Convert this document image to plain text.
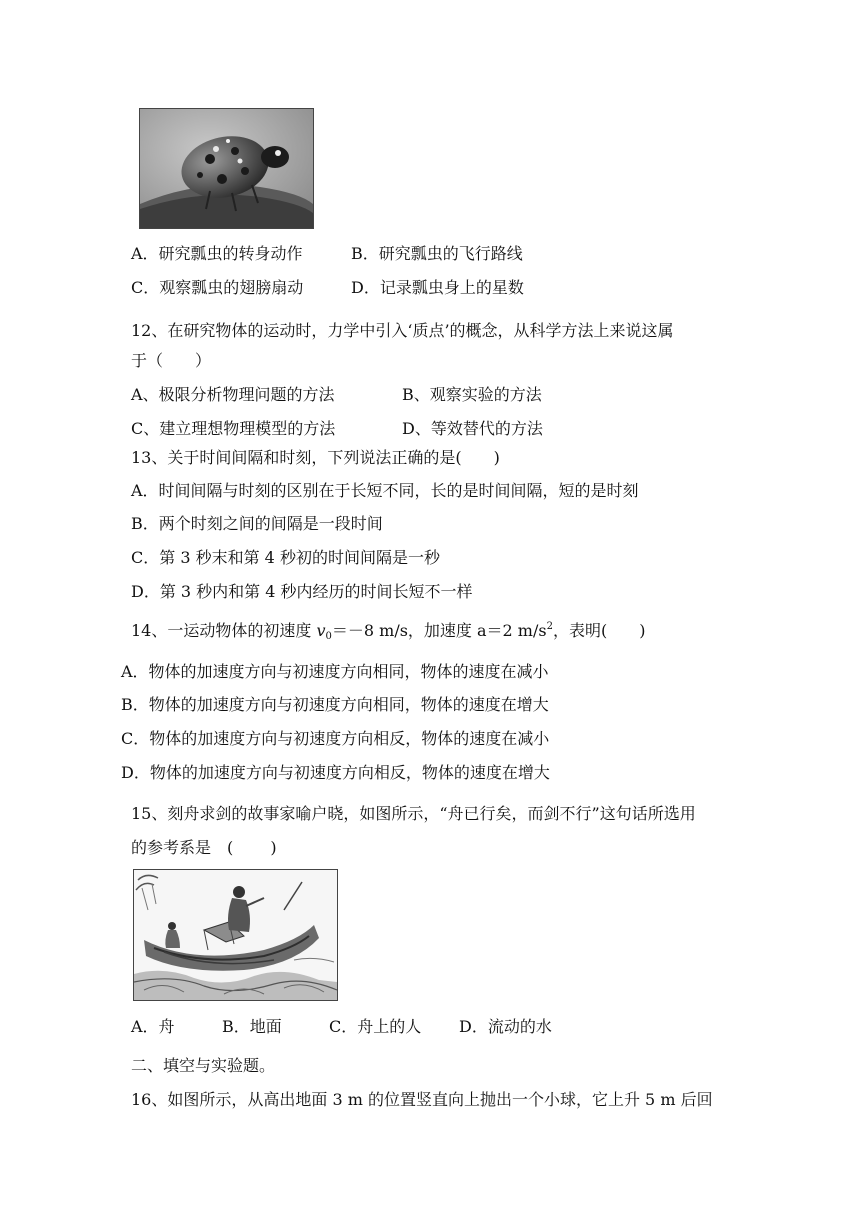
A．研究瓢虫的转身动作	B．研究瓢虫的飞行路线
C．观察瓢虫的翅膀扇动	D．记录瓢虫身上的星数
12、在研究物体的运动时，力学中引入‘质点’的概念，从科学方法上来说这属
于（　　）
A、极限分析物理问题的方法	B、观察实验的方法
C、建立理想物理模型的方法	D、等效替代的方法
13、关于时间间隔和时刻，下列说法正确的是(　　)
A．时间间隔与时刻的区别在于长短不同，长的是时间间隔，短的是时刻
B．两个时刻之间的间隔是一段时间
C．第 3 秒末和第 4 秒初的时间间隔是一秒
D．第 3 秒内和第 4 秒内经历的时间长短不一样
14、一运动物体的初速度 $v_0=-8$ m/s，加速度 a＝2 $m/s^2$，表明(　　)
A．物体的加速度方向与初速度方向相同，物体的速度在减小
B．物体的加速度方向与初速度方向相同，物体的速度在增大
C．物体的加速度方向与初速度方向相反，物体的速度在减小
D．物体的加速度方向与初速度方向相反，物体的速度在增大
15、刻舟求剑的故事家喻户晓，如图所示，“舟已行矣，而剑不行”这句话所选用
的参考系是　( 　　)
A．舟	B．地面	C．舟上的人 D．流动的水
二、填空与实验题。
16、如图所示，从高出地面 3 m 的位置竖直向上抛出一个小球，它上升 5 m 后回
